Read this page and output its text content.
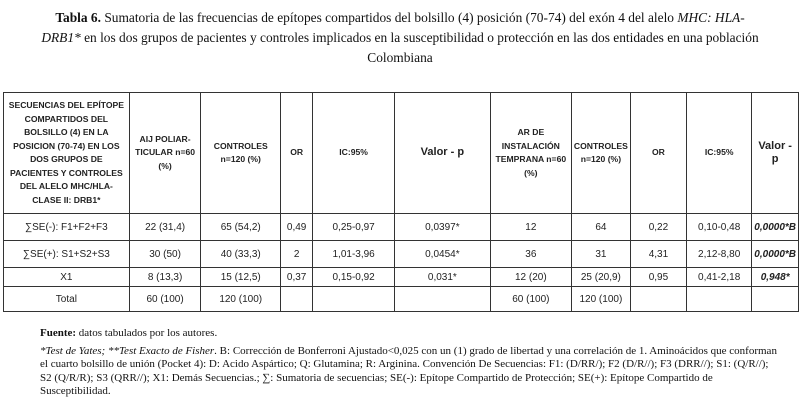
Tabla 6. Sumatoria de las frecuencias de epítopes compartidos del bolsillo (4) posición (70-74) del exón 4 del alelo MHC: HLA-DRB1* en los dos grupos de pacientes y controles implicados en la susceptibilidad o protección en las dos entidades en una población Colombiana
SECUENCIAS DEL EPÍTOPE COMPARTIDOS DEL BOLSILLO (4) EN LA POSICION (70-74) EN LOS DOS GRUPOS DE PACIENTES Y CONTROLES DEL ALELO MHC/HLA-CLASE II: DRB1*	AIJ POLIAR-TICULAR n=60 (%)	CONTROLES n=120 (%)	OR	IC:95%	Valor - p	AR DE INSTALACIÓN TEMPRANA n=60 (%)	CONTROLES n=120 (%)	OR	IC:95%	Valor - p
∑SE(-): F1+F2+F3	22 (31,4)	65 (54,2)	0,49	0,25-0,97	0,0397*	12	64	0,22	0,10-0,48	0,0000*B
∑SE(+): S1+S2+S3	30 (50)	40 (33,3)	2	1,01-3,96	0,0454*	36	31	4,31	2,12-8,80	0,0000*B
X1	8 (13,3)	15 (12,5)	0,37	0,15-0,92	0,031*	12 (20)	25 (20,9)	0,95	0,41-2,18	0,948*
Total	60 (100)	120 (100)				60 (100)	120 (100)			

Fuente: datos tabulados por los autores.

*Test de Yates; **Test Exacto de Fisher. B: Corrección de Bonferroni Ajustado<0,025 con un (1) grado de libertad y una correlación de 1. Aminoácidos que conforman el cuarto bolsillo de unión (Pocket 4): D: Acido Aspártico; Q: Glutamina; R: Arginina. Convención De Secuencias: F1: (D/RR/); F2 (D/R//); F3 (DRR//); S1: (Q/R//); S2 (Q/R/R); S3 (QRR//); X1: Demás Secuencias.; ∑: Sumatoria de secuencias; SE(-): Epítope Compartido de Protección; SE(+): Epítope Compartido de Susceptibilidad.
